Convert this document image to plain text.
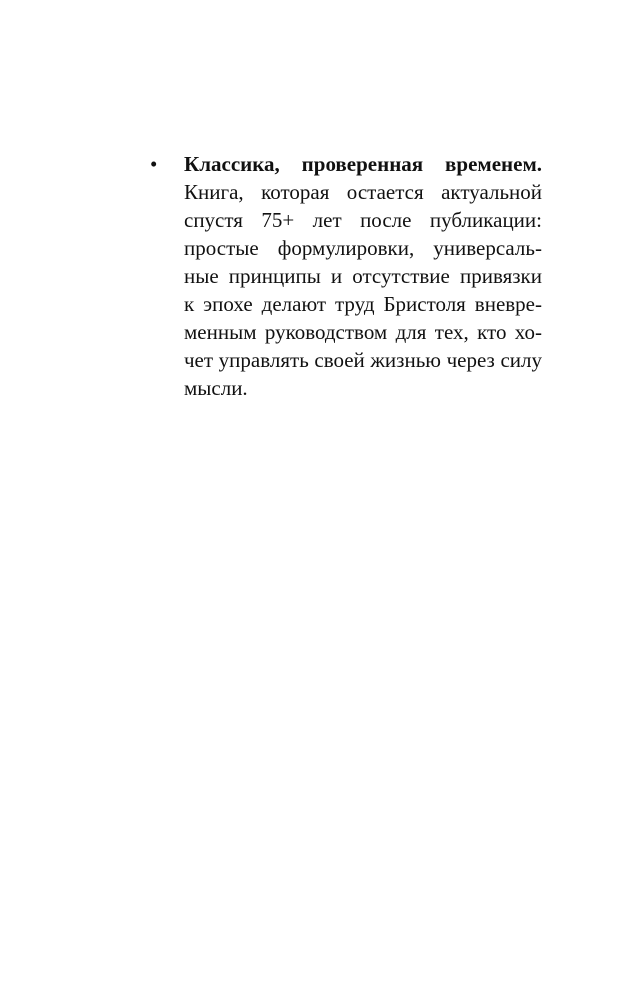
•	Классика, проверенная временем.
Книга, которая остается актуальной
спустя 75+ лет после публикации:
простые формулировки, универсаль-
ные принципы и отсутствие привязки
к эпохе делают труд Бристоля вневре-
менным руководством для тех, кто хо-
чет управлять своей жизнью через силу
мысли.
